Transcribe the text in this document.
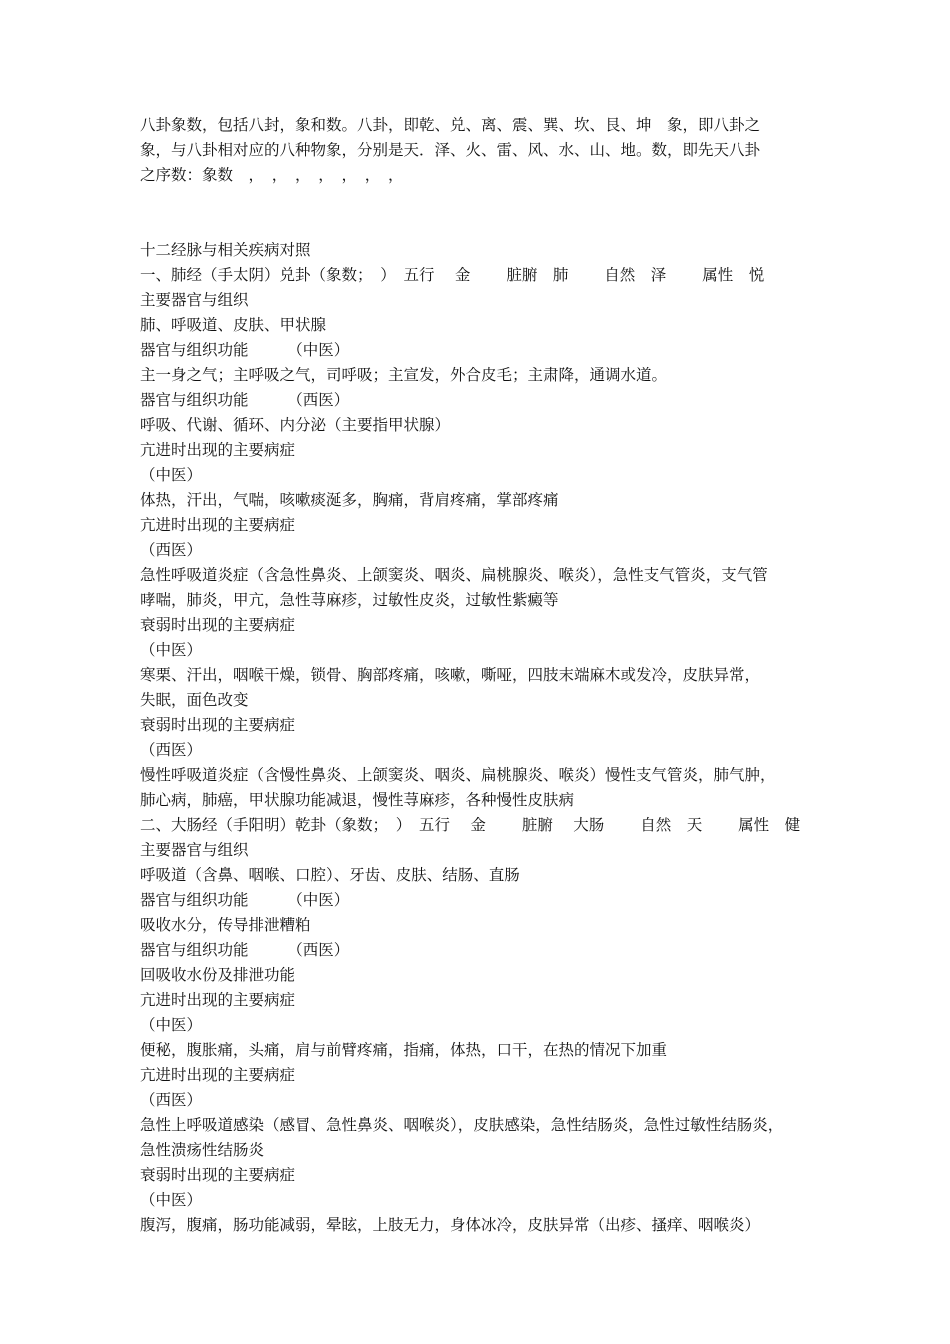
八卦象数，包括八封，象和数。八卦，即乾、兑、离、震、巽、坎、艮、坤　象，即八卦之

象，与八卦相对应的八种物象，分别是天．泽、火、雷、风、水、山、地。数，即先天八卦

之序数：象数　，　，　，　，　，　，　，

十二经脉与相关疾病对照

一、肺经（手太阴）兑卦（象数；　）　五行　 金　　 脏腑　肺　　 自然　泽　　 属性　悦

主要器官与组织

肺、呼吸道、皮肤、甲状腺

器官与组织功能　　　（中医）

主一身之气；主呼吸之气，司呼吸；主宣发，外合皮毛；主肃降，通调水道。

器官与组织功能　　　（西医）

呼吸、代谢、循环、内分泌（主要指甲状腺）

亢进时出现的主要病症

（中医）

体热，汗出，气喘，咳嗽痰涎多，胸痛，背肩疼痛，掌部疼痛

亢进时出现的主要病症

（西医）

急性呼吸道炎症（含急性鼻炎、上颌窦炎、咽炎、扁桃腺炎、喉炎），急性支气管炎，支气管

哮喘，肺炎，甲亢，急性荨麻疹，过敏性皮炎，过敏性紫癜等

衰弱时出现的主要病症

（中医）

寒栗、汗出，咽喉干燥，锁骨、胸部疼痛，咳嗽，嘶哑，四肢末端麻木或发冷，皮肤异常，

失眠，面色改变

衰弱时出现的主要病症

（西医）

慢性呼吸道炎症（含慢性鼻炎、上颌窦炎、咽炎、扁桃腺炎、喉炎）慢性支气管炎，肺气肿，

肺心病，肺癌，甲状腺功能减退，慢性荨麻疹，各种慢性皮肤病

二、大肠经（手阳明）乾卦（象数；　）　五行　 金　　 脏腑　 大肠　　 自然　天　　 属性　健

主要器官与组织

呼吸道（含鼻、咽喉、口腔）、牙齿、皮肤、结肠、直肠

器官与组织功能　　　（中医）

吸收水分，传导排泄糟粕

器官与组织功能　　　（西医）

回吸收水份及排泄功能

亢进时出现的主要病症

（中医）

便秘，腹胀痛，头痛，肩与前臂疼痛，指痛，体热，口干，在热的情况下加重

亢进时出现的主要病症

（西医）

急性上呼吸道感染（感冒、急性鼻炎、咽喉炎），皮肤感染，急性结肠炎，急性过敏性结肠炎，

急性溃疡性结肠炎

衰弱时出现的主要病症

（中医）

腹泻，腹痛，肠功能减弱，晕眩，上肢无力，身体冰冷，皮肤异常（出疹、搔痒、咽喉炎）
